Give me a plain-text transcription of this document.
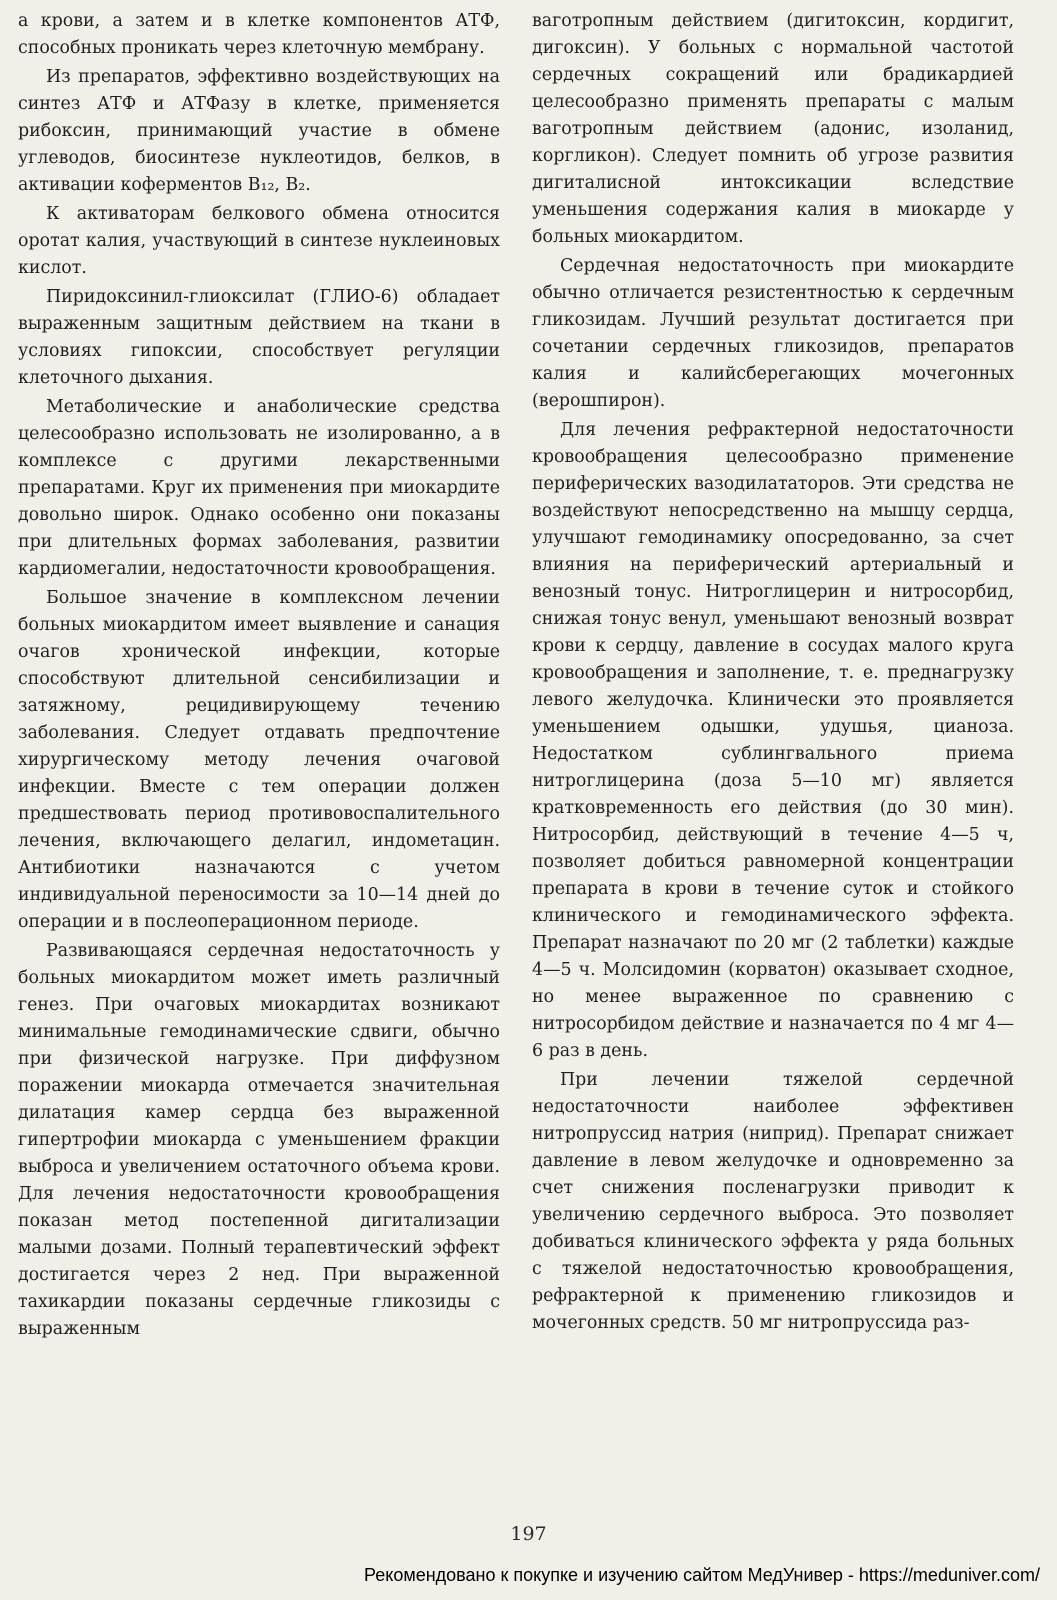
а крови, а затем и в клетке компонентов АТФ, способных проникать через клеточную мембрану.

Из препаратов, эффективно воздействующих на синтез АТФ и АТФазу в клетке, применяется рибоксин, принимающий участие в обмене углеводов, биосинтезе нуклеотидов, белков, в активации коферментов B₁₂, B₂.

К активаторам белкового обмена относится оротат калия, участвующий в синтезе нуклеиновых кислот.

Пиридоксинил-глиоксилат (ГЛИО-6) обладает выраженным защитным действием на ткани в условиях гипоксии, способствует регуляции клеточного дыхания.

Метаболические и анаболические средства целесообразно использовать не изолированно, а в комплексе с другими лекарственными препаратами. Круг их применения при миокардите довольно широк. Однако особенно они показаны при длительных формах заболевания, развитии кардиомегалии, недостаточности кровообращения.

Большое значение в комплексном лечении больных миокардитом имеет выявление и санация очагов хронической инфекции, которые способствуют длительной сенсибилизации и затяжному, рецидивирующему течению заболевания. Следует отдавать предпочтение хирургическому методу лечения очаговой инфекции. Вместе с тем операции должен предшествовать период противовоспалительного лечения, включающего делагил, индометацин. Антибиотики назначаются с учетом индивидуальной переносимости за 10—14 дней до операции и в послеоперационном периоде.

Развивающаяся сердечная недостаточность у больных миокардитом может иметь различный генез. При очаговых миокардитах возникают минимальные гемодинамические сдвиги, обычно при физической нагрузке. При диффузном поражении миокарда отмечается значительная дилатация камер сердца без выраженной гипертрофии миокарда с уменьшением фракции выброса и увеличением остаточного объема крови. Для лечения недостаточности кровообращения показан метод постепенной дигитализации малыми дозами. Полный терапевтический эффект достигается через 2 нед. При выраженной тахикардии показаны сердечные гликозиды с выраженным

ваготропным действием (дигитоксин, кордигит, дигоксин). У больных с нормальной частотой сердечных сокращений или брадикардией целесообразно применять препараты с малым ваготропным действием (адонис, изоланид, коргликон). Следует помнить об угрозе развития дигиталисной интоксикации вследствие уменьшения содержания калия в миокарде у больных миокардитом.

Сердечная недостаточность при миокардите обычно отличается резистентностью к сердечным гликозидам. Лучший результат достигается при сочетании сердечных гликозидов, препаратов калия и калийсберегающих мочегонных (верошпирон).

Для лечения рефрактерной недостаточности кровообращения целесообразно применение периферических вазодилататоров. Эти средства не воздействуют непосредственно на мышцу сердца, улучшают гемодинамику опосредованно, за счет влияния на периферический артериальный и венозный тонус. Нитроглицерин и нитросорбид, снижая тонус венул, уменьшают венозный возврат крови к сердцу, давление в сосудах малого круга кровообращения и заполнение, т. е. преднагрузку левого желудочка. Клинически это проявляется уменьшением одышки, удушья, цианоза. Недостатком сублингвального приема нитроглицерина (доза 5—10 мг) является кратковременность его действия (до 30 мин). Нитросорбид, действующий в течение 4—5 ч, позволяет добиться равномерной концентрации препарата в крови в течение суток и стойкого клинического и гемодинамического эффекта. Препарат назначают по 20 мг (2 таблетки) каждые 4—5 ч. Молсидомин (корватон) оказывает сходное, но менее выраженное по сравнению с нитросорбидом действие и назначается по 4 мг 4—6 раз в день.

При лечении тяжелой сердечной недостаточности наиболее эффективен нитропруссид натрия (ниприд). Препарат снижает давление в левом желудочке и одновременно за счет снижения посленагрузки приводит к увеличению сердечного выброса. Это позволяет добиваться клинического эффекта у ряда больных с тяжелой недостаточностью кровообращения, рефрактерной к применению гликозидов и мочегонных средств. 50 мг нитропруссида раз-

197
Рекомендовано к покупке и изучению сайтом МедУнивер - https://meduniver.com/
